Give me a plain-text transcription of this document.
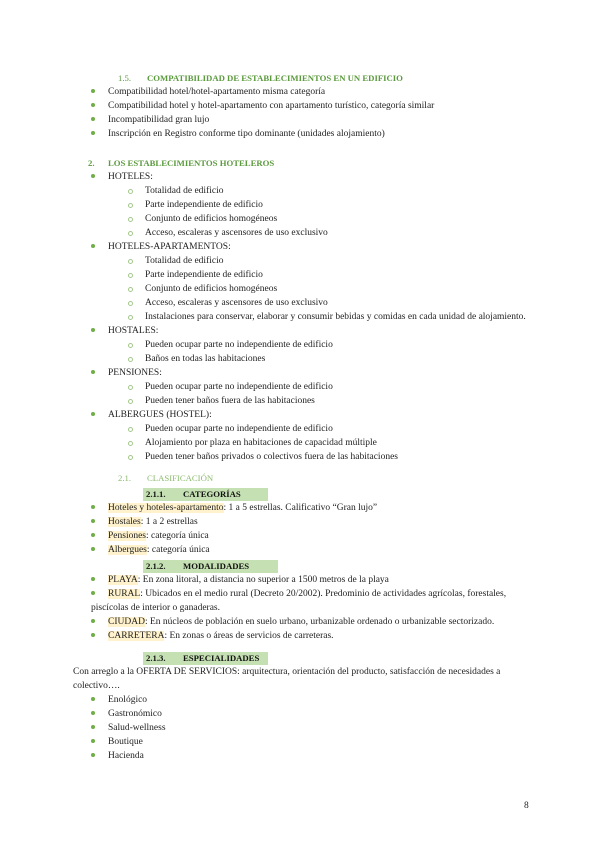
1.5. COMPATIBILIDAD DE ESTABLECIMIENTOS EN UN EDIFICIO
Compatibilidad hotel/hotel-apartamento misma categoría
Compatibilidad hotel y hotel-apartamento con apartamento turístico, categoría similar
Incompatibilidad gran lujo
Inscripción en Registro conforme tipo dominante (unidades alojamiento)
2. LOS ESTABLECIMIENTOS HOTELEROS
HOTELES:
Totalidad de edificio
Parte independiente de edificio
Conjunto de edificios homogéneos
Acceso, escaleras y ascensores de uso exclusivo
HOTELES-APARTAMENTOS:
Totalidad de edificio
Parte independiente de edificio
Conjunto de edificios homogéneos
Acceso, escaleras y ascensores de uso exclusivo
Instalaciones para conservar, elaborar y consumir bebidas y comidas en cada unidad de alojamiento.
HOSTALES:
Pueden ocupar parte no independiente de edificio
Baños en todas las habitaciones
PENSIONES:
Pueden ocupar parte no independiente de edificio
Pueden tener baños fuera de las habitaciones
ALBERGUES (HOSTEL):
Pueden ocupar parte no independiente de edificio
Alojamiento por plaza en habitaciones de capacidad múltiple
Pueden tener baños privados o colectivos fuera de las habitaciones
2.1. CLASIFICACIÓN
2.1.1. CATEGORÍAS
Hoteles y hoteles-apartamento: 1 a 5 estrellas. Calificativo “Gran lujo”
Hostales: 1 a 2 estrellas
Pensiones: categoría única
Albergues: categoría única
2.1.2. MODALIDADES
PLAYA: En zona litoral, a distancia no superior a 1500 metros de la playa
RURAL: Ubicados en el medio rural (Decreto 20/2002). Predominio de actividades agrícolas, forestales, piscícolas de interior o ganaderas.
CIUDAD: En núcleos de población en suelo urbano, urbanizable ordenado o urbanizable sectorizado.
CARRETERA: En zonas o áreas de servicios de carreteras.
2.1.3. ESPECIALIDADES

Con arreglo a la OFERTA DE SERVICIOS: arquitectura, orientación del producto, satisfacción de necesidades a colectivo….

Enológico
Gastronómico
Salud-wellness
Boutique
Hacienda
8
